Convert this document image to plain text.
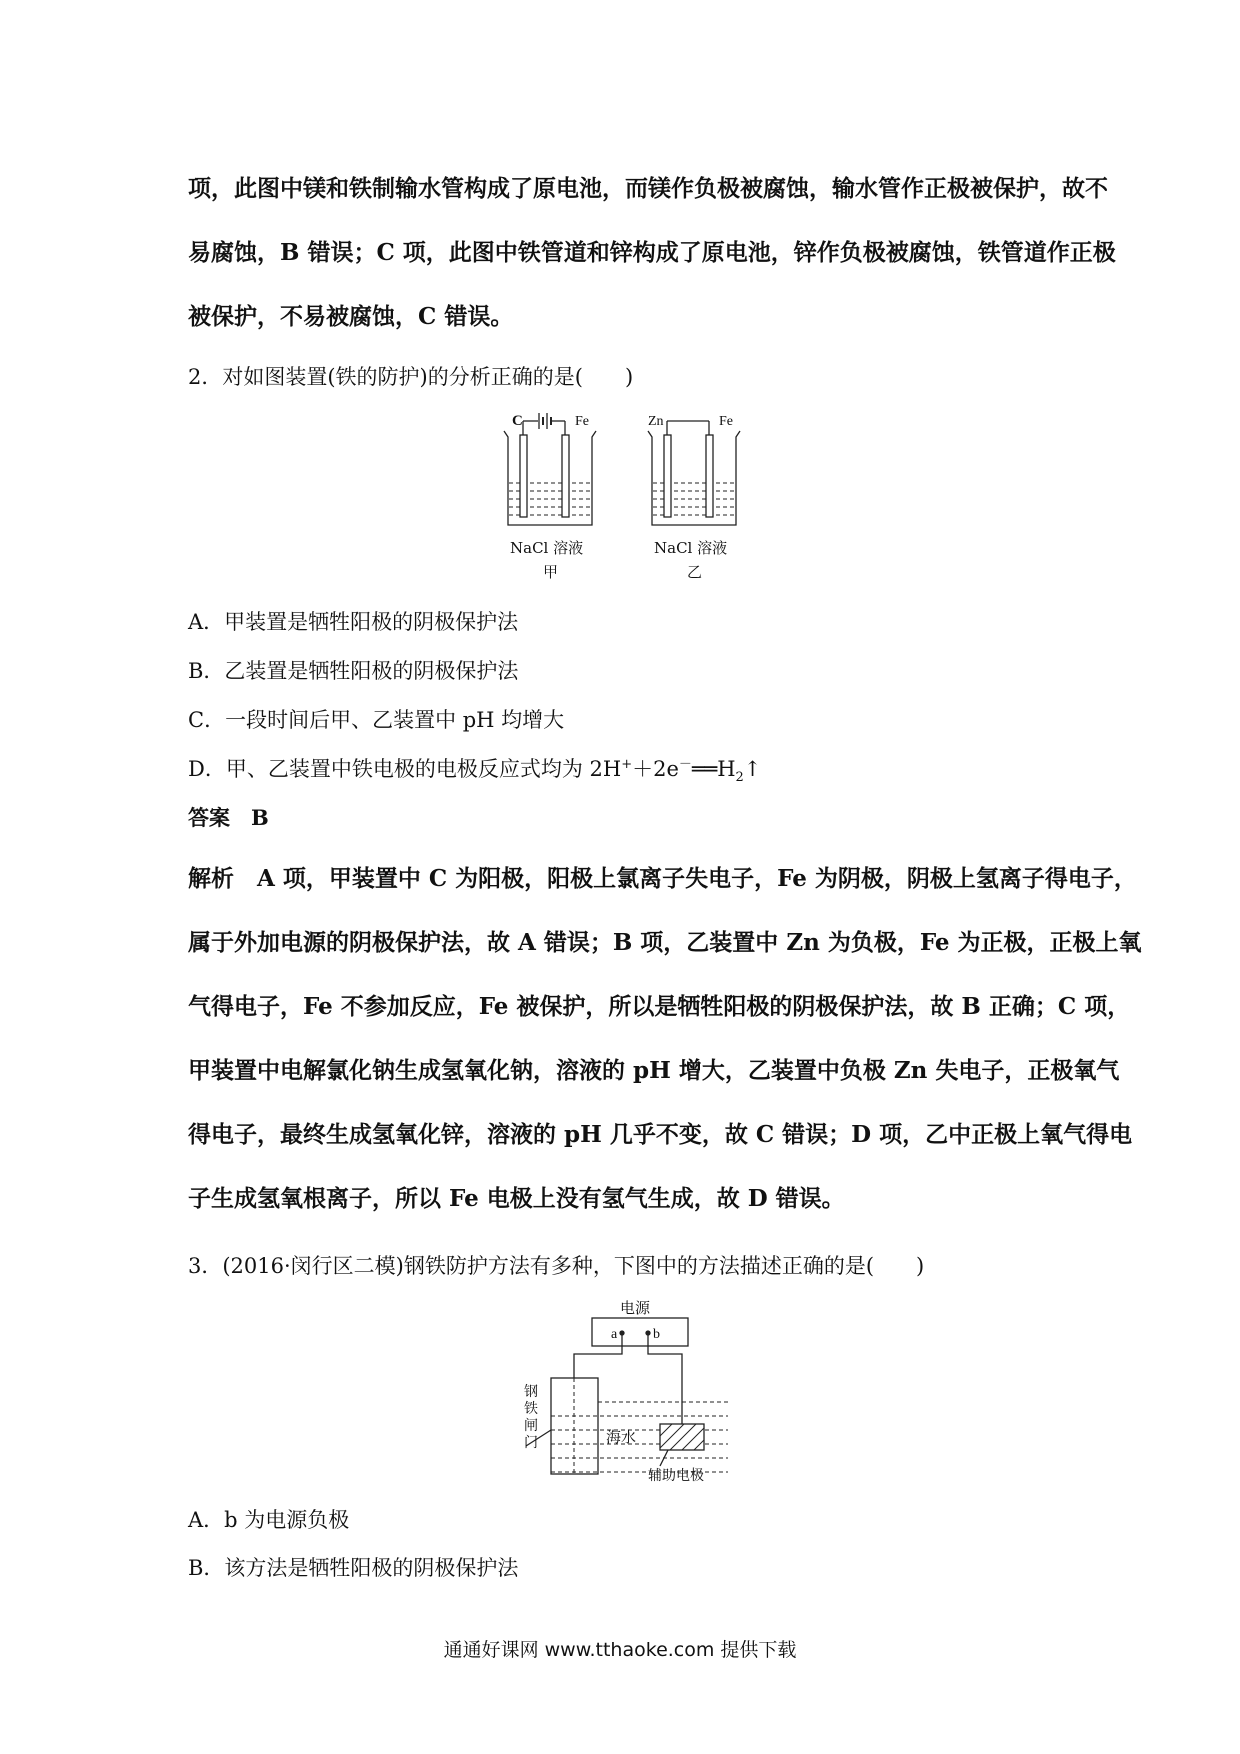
项，此图中镁和铁制输水管构成了原电池，而镁作负极被腐蚀，输水管作正极被保护，故不
易腐蚀，B 错误；C 项，此图中铁管道和锌构成了原电池，锌作负极被腐蚀，铁管道作正极
被保护，不易被腐蚀，C 错误。
2．对如图装置(铁的防护)的分析正确的是(　　)
C	Fe	Zn	Fe
NaCl 溶液	NaCl 溶液
甲	乙
A．甲装置是牺牲阳极的阴极保护法
B．乙装置是牺牲阳极的阴极保护法
C．一段时间后甲、乙装置中 pH 均增大
D．甲、乙装置中铁电极的电极反应式均为 $2H^++2e^-══H_2↑$
答案　B
解析　A 项，甲装置中 C 为阳极，阳极上氯离子失电子，Fe 为阴极，阴极上氢离子得电子，
属于外加电源的阴极保护法，故 A 错误；B 项，乙装置中 Zn 为负极，Fe 为正极，正极上氧
气得电子，Fe 不参加反应，Fe 被保护，所以是牺牲阳极的阴极保护法，故 B 正确；C 项，
甲装置中电解氯化钠生成氢氧化钠，溶液的 pH 增大，乙装置中负极 Zn 失电子，正极氧气
得电子，最终生成氢氧化锌，溶液的 pH 几乎不变，故 C 错误；D 项，乙中正极上氧气得电
子生成氢氧根离子，所以 Fe 电极上没有氢气生成，故 D 错误。
3．(2016·闵行区二模)钢铁防护方法有多种，下图中的方法描述正确的是(　　)
电源
a	b
钢
铁
闸
门	海水
辅助电极
A．b 为电源负极
B．该方法是牺牲阳极的阴极保护法
通通好课网 www.tthaoke.com 提供下载
